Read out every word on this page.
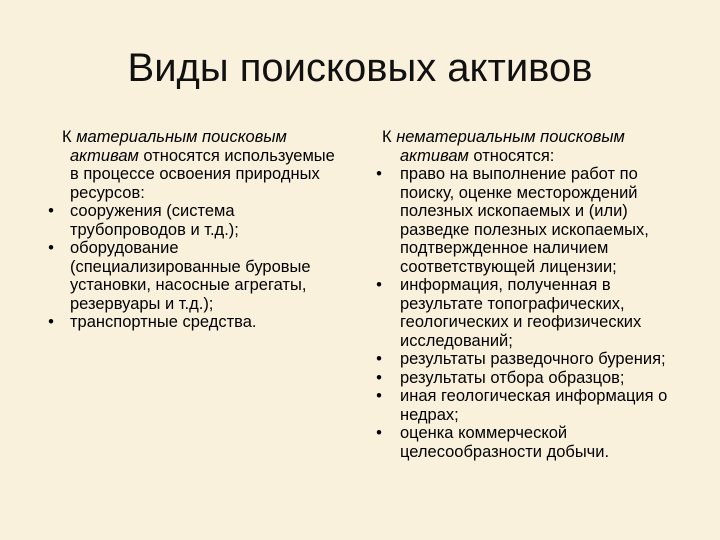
Виды поисковых активов
К материальным поисковым активам относятся используемые в процессе освоения природных ресурсов:
• сооружения (система трубопроводов и т.д.);
• оборудование (специализированные буровые установки, насосные агрегаты, резервуары и т.д.);
• транспортные средства.
К нематериальным поисковым активам относятся:
• право на выполнение работ по поиску, оценке месторождений полезных ископаемых и (или) разведке полезных ископаемых, подтвержденное наличием соответствующей лицензии;
• информация, полученная в результате топографических, геологических и геофизических исследований;
• результаты разведочного бурения;
• результаты отбора образцов;
• иная геологическая информация о недрах;
• оценка коммерческой целесообразности добычи.
